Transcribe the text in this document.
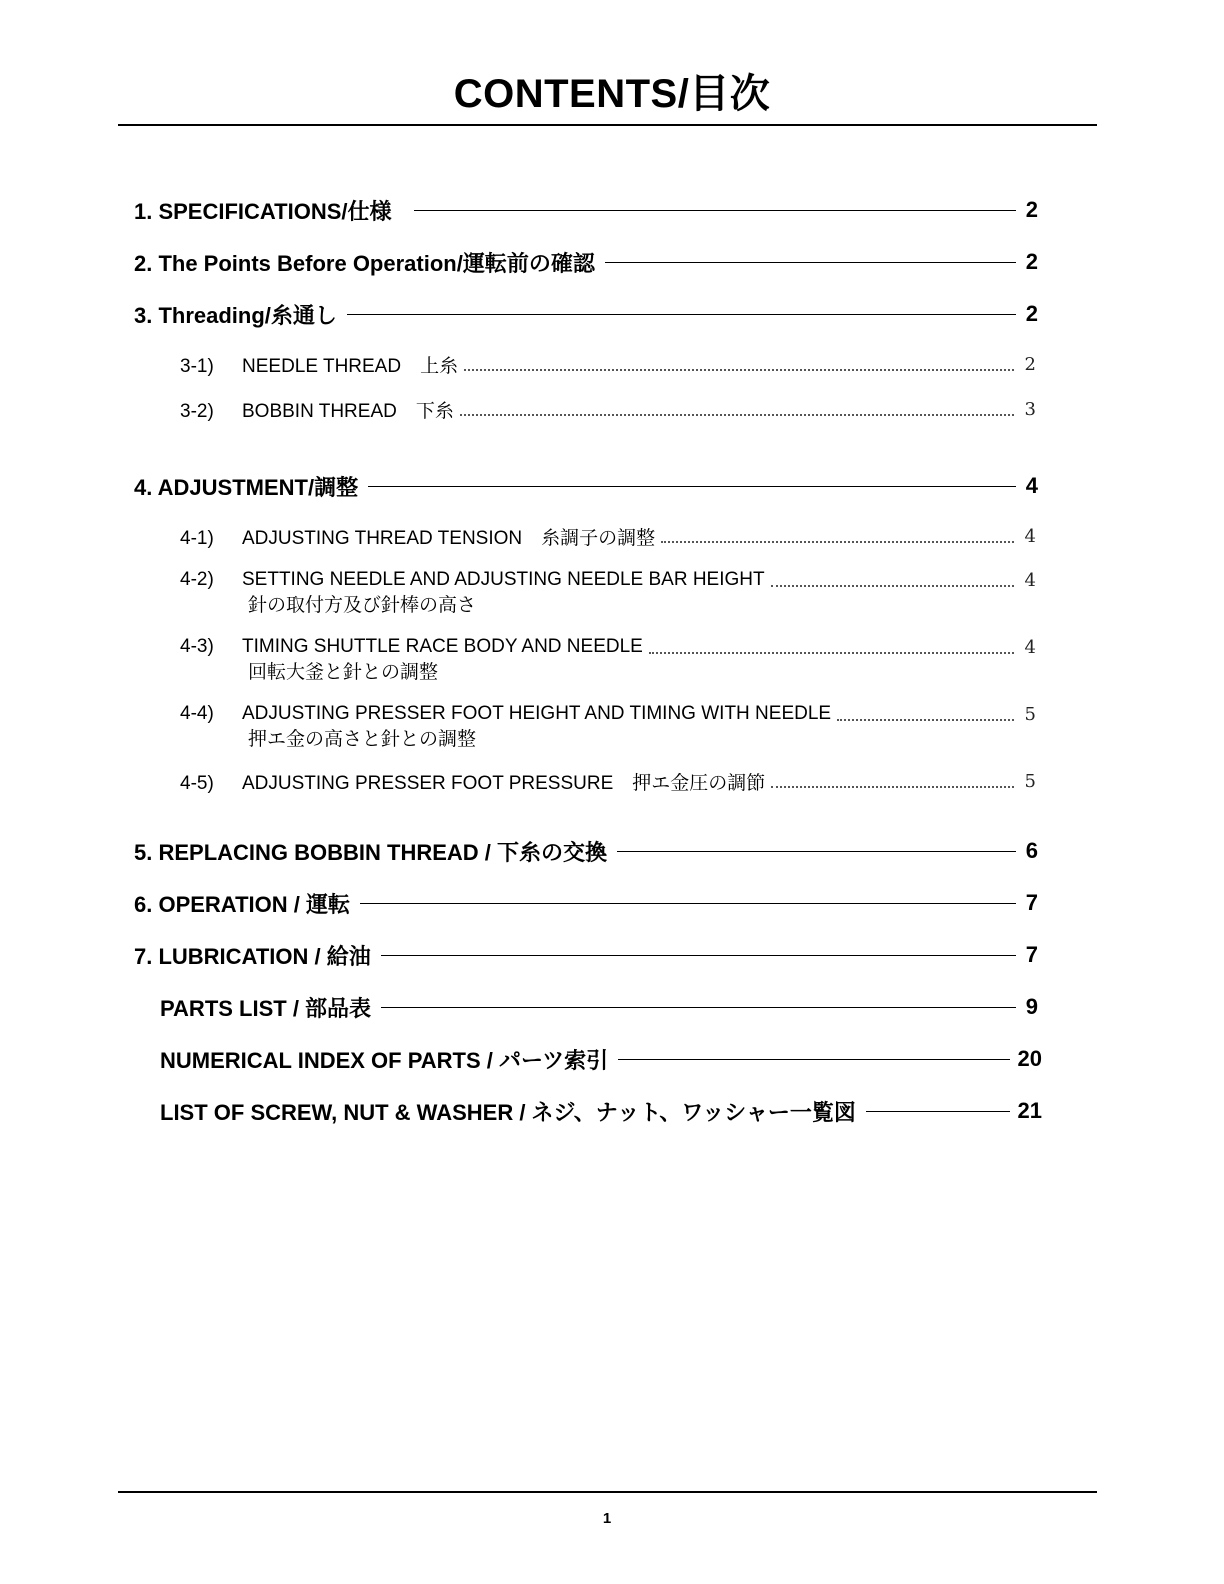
CONTENTS/目次
1. SPECIFICATIONS/仕様	2
2. The Points Before Operation/運転前の確認	2
3. Threading/糸通し	2
3-1) NEEDLE THREAD　上糸	2
3-2) BOBBIN THREAD　下糸	3
4. ADJUSTMENT/調整	4
4-1) ADJUSTING THREAD TENSION　糸調子の調整	4
4-2) SETTING NEEDLE AND ADJUSTING NEEDLE BAR HEIGHT	4
針の取付方及び針棒の高さ
4-3) TIMING SHUTTLE RACE BODY AND NEEDLE	4
回転大釜と針との調整
4-4) ADJUSTING PRESSER FOOT HEIGHT AND TIMING WITH NEEDLE	5
押エ金の高さと針との調整
4-5) ADJUSTING PRESSER FOOT PRESSURE　押エ金圧の調節	5
5. REPLACING BOBBIN THREAD / 下糸の交換	6
6. OPERATION / 運転	7
7. LUBRICATION / 給油	7
PARTS LIST / 部品表	9
NUMERICAL INDEX OF PARTS / パーツ索引	20
LIST OF SCREW, NUT & WASHER / ネジ、ナット、ワッシャー一覧図	21
1
